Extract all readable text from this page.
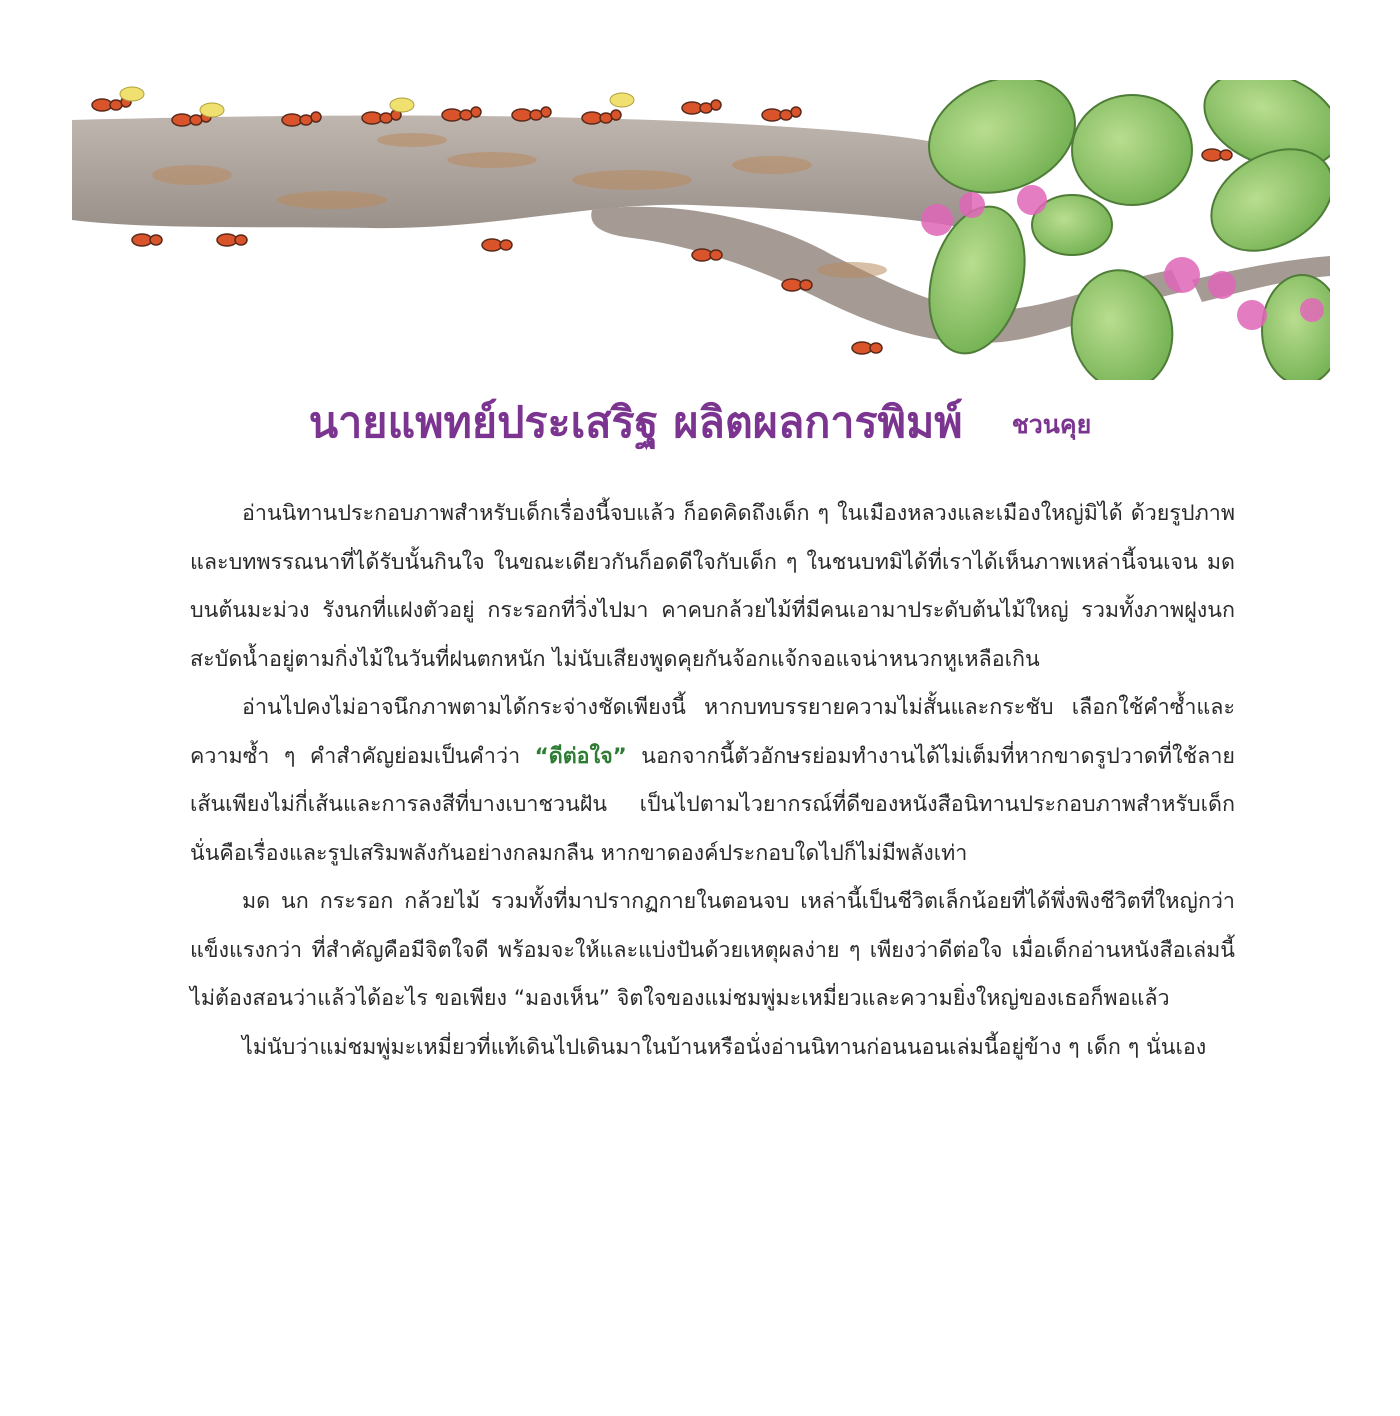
นายแพทย์ประเสริฐ ผลิตผลการพิมพ์ ชวนคุย

อ่านนิทานประกอบภาพสำหรับเด็กเรื่องนี้จบแล้ว ก็อดคิดถึงเด็ก ๆ ในเมืองหลวงและเมืองใหญ่มิได้ ด้วยรูปภาพและบทพรรณนาที่ได้รับนั้นกินใจ ในขณะเดียวกันก็อดดีใจกับเด็ก ๆ ในชนบทมิได้ที่เราได้เห็นภาพเหล่านี้จนเจน มดบนต้นมะม่วง รังนกที่แฝงตัวอยู่ กระรอกที่วิ่งไปมา คาคบกล้วยไม้ที่มีคนเอามาประดับต้นไม้ใหญ่ รวมทั้งภาพฝูงนกสะบัดน้ำอยู่ตามกิ่งไม้ในวันที่ฝนตกหนัก ไม่นับเสียงพูดคุยกันจ้อกแจ้กจอแจน่าหนวกหูเหลือเกิน

อ่านไปคงไม่อาจนึกภาพตามได้กระจ่างชัดเพียงนี้ หากบทบรรยายความไม่สั้นและกระชับ เลือกใช้คำซ้ำและความซ้ำ ๆ คำสำคัญย่อมเป็นคำว่า “ดีต่อใจ” นอกจากนี้ตัวอักษรย่อมทำงานได้ไม่เต็มที่หากขาดรูปวาดที่ใช้ลายเส้นเพียงไม่กี่เส้นและการลงสีที่บางเบาชวนฝัน เป็นไปตามไวยากรณ์ที่ดีของหนังสือนิทานประกอบภาพสำหรับเด็ก นั่นคือเรื่องและรูปเสริมพลังกันอย่างกลมกลืน หากขาดองค์ประกอบใดไปก็ไม่มีพลังเท่า

มด นก กระรอก กล้วยไม้ รวมทั้งที่มาปรากฏกายในตอนจบ เหล่านี้เป็นชีวิตเล็กน้อยที่ได้พึ่งพิงชีวิตที่ใหญ่กว่า แข็งแรงกว่า ที่สำคัญคือมีจิตใจดี พร้อมจะให้และแบ่งปันด้วยเหตุผลง่าย ๆ เพียงว่าดีต่อใจ เมื่อเด็กอ่านหนังสือเล่มนี้ไม่ต้องสอนว่าแล้วได้อะไร ขอเพียง “มองเห็น” จิตใจของแม่ชมพู่มะเหมี่ยวและความยิ่งใหญ่ของเธอก็พอแล้ว

ไม่นับว่าแม่ชมพู่มะเหมี่ยวที่แท้เดินไปเดินมาในบ้านหรือนั่งอ่านนิทานก่อนนอนเล่มนี้อยู่ข้าง ๆ เด็ก ๆ นั่นเอง
